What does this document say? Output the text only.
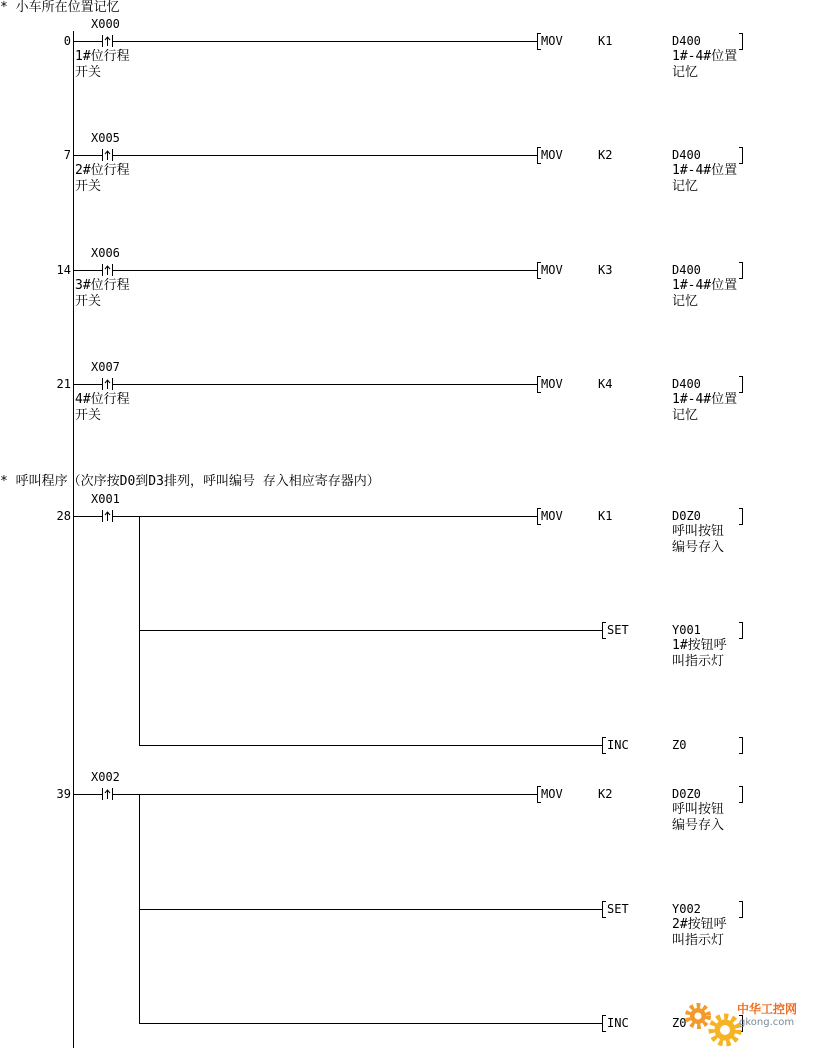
* 小车所在位置记忆
* 呼叫程序（次序按D0到D3排列，呼叫编号 存入相应寄存器内）
0
X000
1#位行程
开关
MOV	K1	D400
1#-4#位置
记忆
7
X005
2#位行程
开关
MOV	K2	D400
1#-4#位置
记忆
14
X006
3#位行程
开关
MOV	K3	D400
1#-4#位置
记忆
21
X007
4#位行程
开关
MOV	K4	D400
1#-4#位置
记忆
28
X001
MOV	K1	D0Z0
呼叫按钮
编号存入
SET	Y001
1#按钮呼
叫指示灯
INC	Z0
39
X002
MOV	K2	D0Z0
呼叫按钮
编号存入
SET	Y002
2#按钮呼
叫指示灯
INC	Z0
中华工控网
gkong.com
